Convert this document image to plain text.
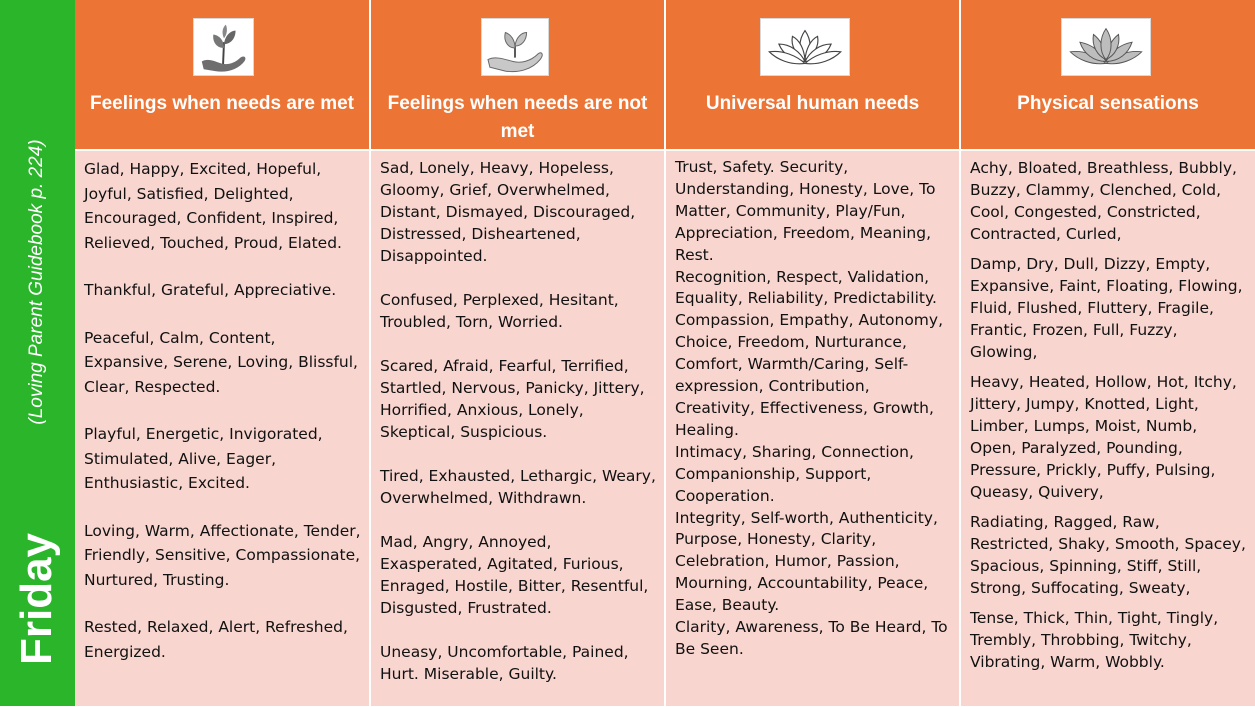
Friday
(Loving Parent Guidebook p. 224)
Feelings when needs are met

Glad, Happy, Excited, Hopeful, Joyful, Satisfied, Delighted, Encouraged, Confident, Inspired, Relieved, Touched, Proud, Elated.

Thankful, Grateful, Appreciative.

Peaceful, Calm, Content, Expansive, Serene, Loving, Blissful, Clear, Respected.

Playful, Energetic, Invigorated, Stimulated, Alive, Eager, Enthusiastic, Excited.

Loving, Warm, Affectionate, Tender, Friendly, Sensitive, Compassionate, Nurtured, Trusting.

Rested, Relaxed, Alert, Refreshed, Energized.

Feelings when needs are not met

Sad, Lonely, Heavy, Hopeless, Gloomy, Grief, Overwhelmed, Distant, Dismayed, Discouraged, Distressed, Disheartened, Disappointed.

Confused, Perplexed, Hesitant, Troubled, Torn, Worried.

Scared, Afraid, Fearful, Terrified, Startled, Nervous, Panicky, Jittery, Horrified, Anxious, Lonely, Skeptical, Suspicious.

Tired, Exhausted, Lethargic, Weary, Overwhelmed, Withdrawn.

Mad, Angry, Annoyed, Exasperated, Agitated, Furious, Enraged, Hostile, Bitter, Resentful, Disgusted, Frustrated.

Uneasy, Uncomfortable, Pained, Hurt. Miserable, Guilty.

Universal human needs

Trust, Safety. Security, Understanding, Honesty, Love, To Matter, Community, Play/Fun, Appreciation, Freedom, Meaning, Rest.

Recognition, Respect, Validation, Equality, Reliability, Predictability.

Compassion, Empathy, Autonomy, Choice, Freedom, Nurturance, Comfort, Warmth/Caring, Self-expression, Contribution, Creativity, Effectiveness, Growth, Healing.

Intimacy, Sharing, Connection, Companionship, Support, Cooperation.

Integrity, Self-worth, Authenticity, Purpose, Honesty, Clarity, Celebration, Humor, Passion, Mourning, Accountability, Peace, Ease, Beauty.

Clarity, Awareness, To Be Heard, To Be Seen.

Physical sensations

Achy, Bloated, Breathless, Bubbly, Buzzy, Clammy, Clenched, Cold, Cool, Congested, Constricted, Contracted, Curled,

Damp, Dry, Dull, Dizzy, Empty, Expansive, Faint, Floating, Flowing, Fluid, Flushed, Fluttery, Fragile, Frantic, Frozen, Full, Fuzzy, Glowing,

Heavy, Heated, Hollow, Hot, Itchy, Jittery, Jumpy, Knotted, Light, Limber, Lumps, Moist, Numb, Open, Paralyzed, Pounding, Pressure, Prickly, Puffy, Pulsing, Queasy, Quivery,

Radiating, Ragged, Raw, Restricted, Shaky, Smooth, Spacey, Spacious, Spinning, Stiff, Still, Strong, Suffocating, Sweaty,

Tense, Thick, Thin, Tight, Tingly, Trembly, Throbbing, Twitchy, Vibrating, Warm, Wobbly.
